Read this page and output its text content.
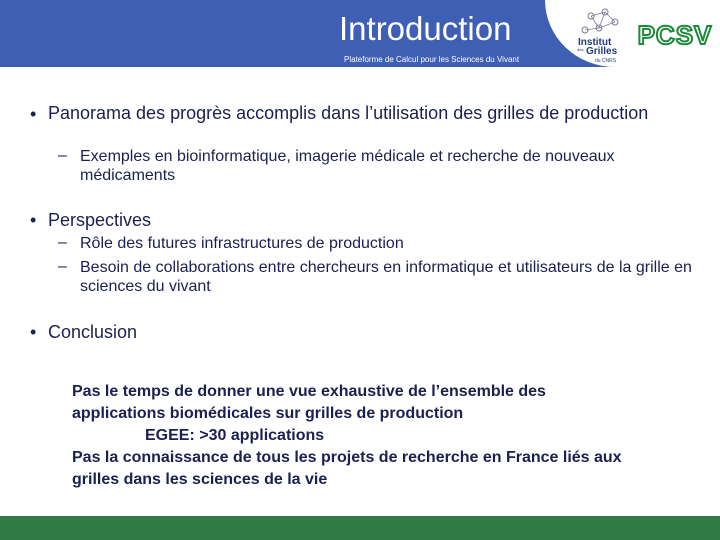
Introduction
Plateforme de Calcul pour les Sciences du Vivant
Institut
des Grilles
du CNRS
PCSV
• Panorama des progrès accomplis dans l’utilisation des grilles de production
– Exemples en bioinformatique, imagerie médicale et recherche de nouveaux médicaments
• Perspectives
– Rôle des futures infrastructures de production
– Besoin de collaborations entre chercheurs en informatique et utilisateurs de la grille en sciences du vivant
• Conclusion
Pas le temps de donner une vue exhaustive de l’ensemble des applications biomédicales sur grilles de production
EGEE: >30 applications
Pas la connaissance de tous les projets de recherche en France liés aux grilles dans les sciences de la vie
